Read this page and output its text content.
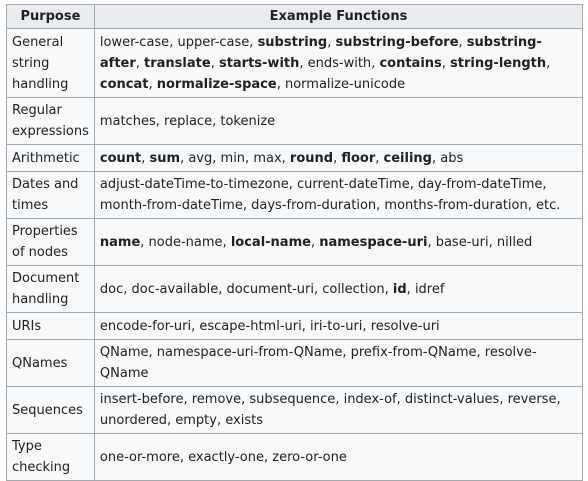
Purpose	Example Functions
General string handling	lower-case, upper-case, substring, substring-before, substring-after, translate, starts-with, ends-with, contains, string-length, concat, normalize-space, normalize-unicode
Regular expressions	matches, replace, tokenize
Arithmetic	count, sum, avg, min, max, round, floor, ceiling, abs
Dates and times	adjust-dateTime-to-timezone, current-dateTime, day-from-dateTime, month-from-dateTime, days-from-duration, months-from-duration, etc.
Properties of nodes	name, node-name, local-name, namespace-uri, base-uri, nilled
Document handling	doc, doc-available, document-uri, collection, id, idref
URIs	encode-for-uri, escape-html-uri, iri-to-uri, resolve-uri
QNames	QName, namespace-uri-from-QName, prefix-from-QName, resolve-QName
Sequences	insert-before, remove, subsequence, index-of, distinct-values, reverse, unordered, empty, exists
Type checking	one-or-more, exactly-one, zero-or-one
